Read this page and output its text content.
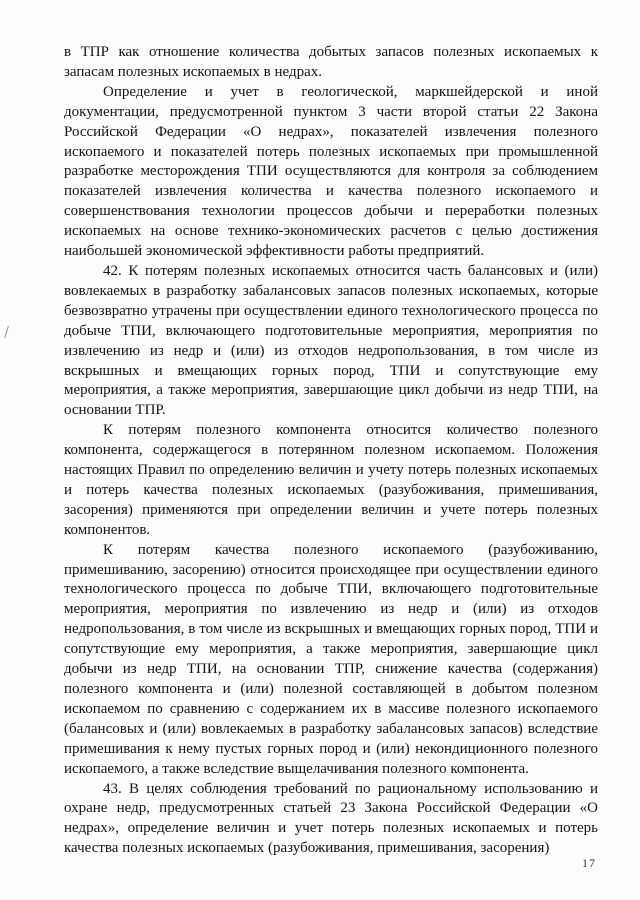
в ТПР как отношение количества добытых запасов полезных ископаемых к запасам полезных ископаемых в недрах.

Определение и учет в геологической, маркшейдерской и иной документации, предусмотренной пунктом 3 части второй статьи 22 Закона Российской Федерации «О недрах», показателей извлечения полезного ископаемого и показателей потерь полезных ископаемых при промышленной разработке месторождения ТПИ осуществляются для контроля за соблюдением показателей извлечения количества и качества полезного ископаемого и совершенствования технологии процессов добычи и переработки полезных ископаемых на основе технико-экономических расчетов с целью достижения наибольшей экономической эффективности работы предприятий.

42. К потерям полезных ископаемых относится часть балансовых и (или) вовлекаемых в разработку забалансовых запасов полезных ископаемых, которые безвозвратно утрачены при осуществлении единого технологического процесса по добыче ТПИ, включающего подготовительные мероприятия, мероприятия по извлечению из недр и (или) из отходов недропользования, в том числе из вскрышных и вмещающих горных пород, ТПИ и сопутствующие ему мероприятия, а также мероприятия, завершающие цикл добычи из недр ТПИ, на основании ТПР.

К потерям полезного компонента относится количество полезного компонента, содержащегося в потерянном полезном ископаемом. Положения настоящих Правил по определению величин и учету потерь полезных ископаемых и потерь качества полезных ископаемых (разубоживания, примешивания, засорения) применяются при определении величин и учете потерь полезных компонентов.

К потерям качества полезного ископаемого (разубоживанию, примешиванию, засорению) относится происходящее при осуществлении единого технологического процесса по добыче ТПИ, включающего подготовительные мероприятия, мероприятия по извлечению из недр и (или) из отходов недропользования, в том числе из вскрышных и вмещающих горных пород, ТПИ и сопутствующие ему мероприятия, а также мероприятия, завершающие цикл добычи из недр ТПИ, на основании ТПР, снижение качества (содержания) полезного компонента и (или) полезной составляющей в добытом полезном ископаемом по сравнению с содержанием их в массиве полезного ископаемого (балансовых и (или) вовлекаемых в разработку забалансовых запасов) вследствие примешивания к нему пустых горных пород и (или) некондиционного полезного ископаемого, а также вследствие выщелачивания полезного компонента.

43. В целях соблюдения требований по рациональному использованию и охране недр, предусмотренных статьей 23 Закона Российской Федерации «О недрах», определение величин и учет потерь полезных ископаемых и потерь качества полезных ископаемых (разубоживания, примешивания, засорения)

17
